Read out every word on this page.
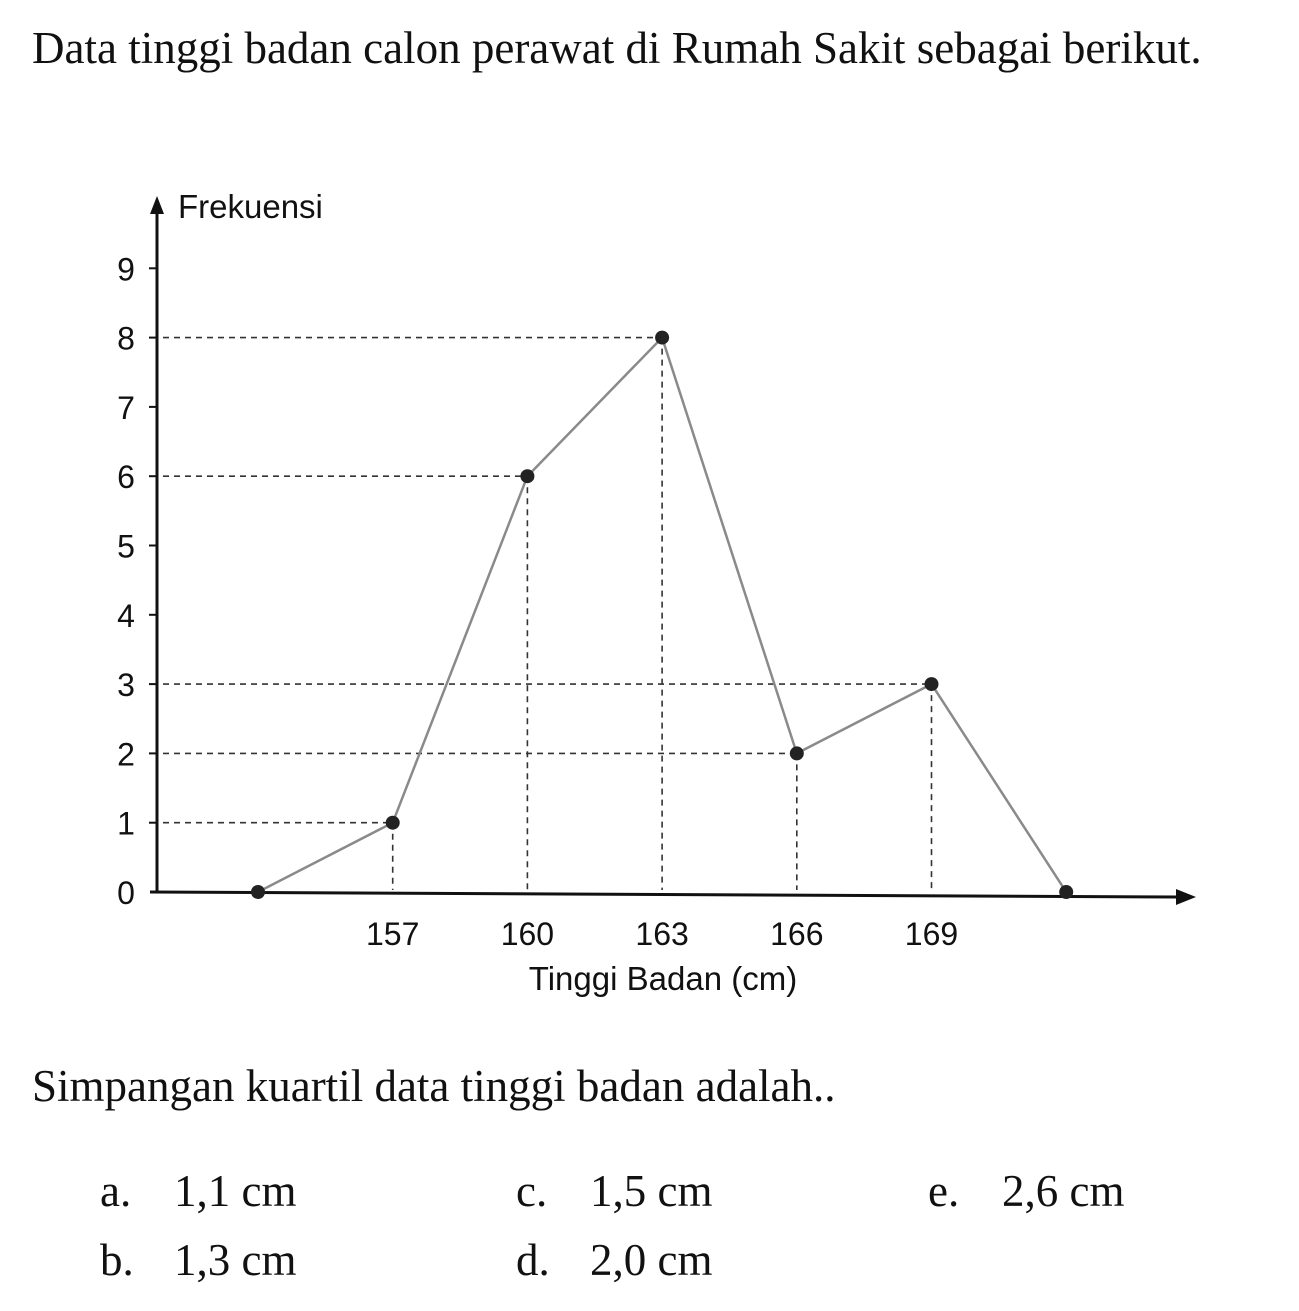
Data tinggi badan calon perawat di Rumah Sakit sebagai berikut.
0
1
2
3
4
5
6
7
8
9
157	160	163	166	169
Frekuensi
Tinggi Badan (cm)

Simpangan kuartil data tinggi badan adalah..

a. 1,1 cm
b. 1,3 cm
c. 1,5 cm
d. 2,0 cm
e. 2,6 cm
